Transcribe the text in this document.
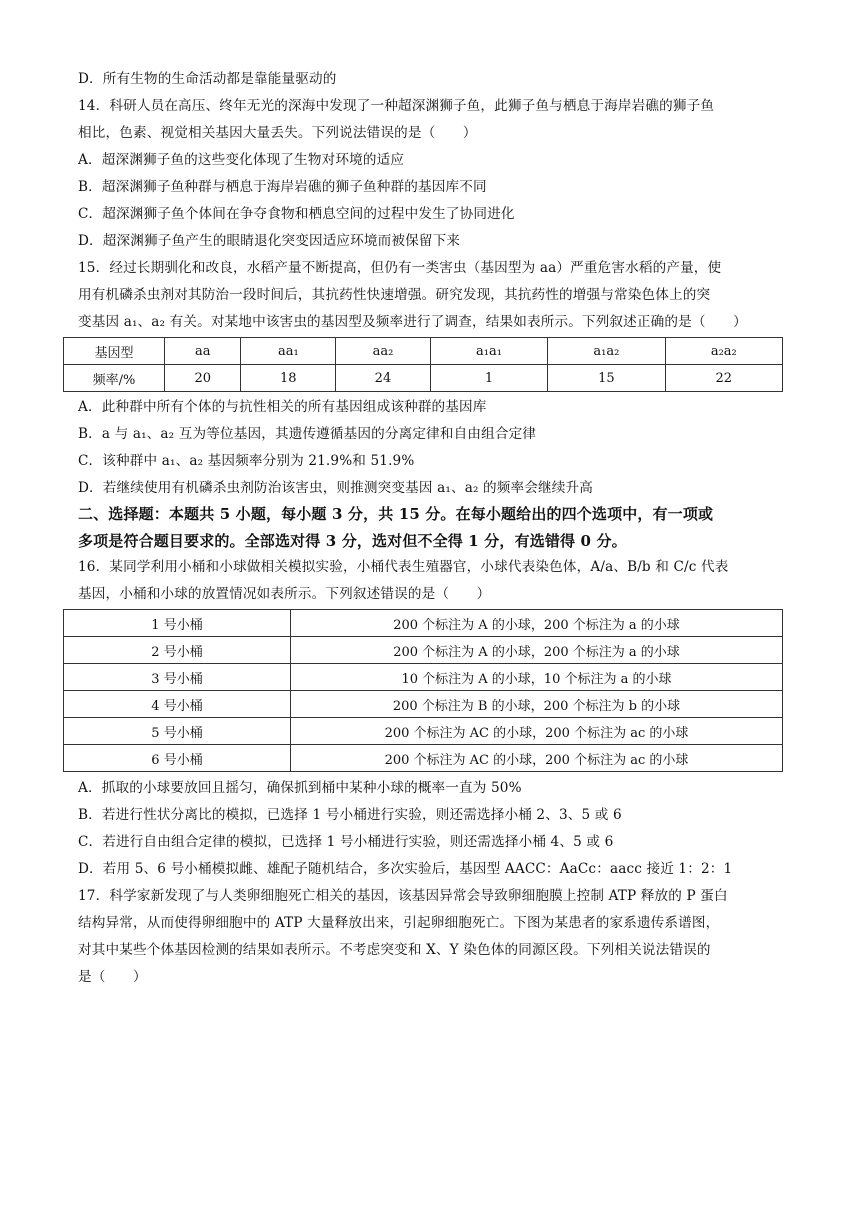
D．所有生物的生命活动都是靠能量驱动的
14．科研人员在高压、终年无光的深海中发现了一种超深渊狮子鱼，此狮子鱼与栖息于海岸岩礁的狮子鱼
相比，色素、视觉相关基因大量丢失。下列说法错误的是（　　）
A．超深渊狮子鱼的这些变化体现了生物对环境的适应
B．超深渊狮子鱼种群与栖息于海岸岩礁的狮子鱼种群的基因库不同
C．超深渊狮子鱼个体间在争夺食物和栖息空间的过程中发生了协同进化
D．超深渊狮子鱼产生的眼睛退化突变因适应环境而被保留下来
15．经过长期驯化和改良，水稻产量不断提高，但仍有一类害虫（基因型为 aa）严重危害水稻的产量，使
用有机磷杀虫剂对其防治一段时间后，其抗药性快速增强。研究发现，其抗药性的增强与常染色体上的突
变基因 a₁、a₂ 有关。对某地中该害虫的基因型及频率进行了调查，结果如表所示。下列叙述正确的是（　　）
基因型	aa	aa₁	aa₂	a₁a₁	a₁a₂	a₂a₂
频率/%	20	18	24	1	15	22
A．此种群中所有个体的与抗性相关的所有基因组成该种群的基因库
B．a 与 a₁、a₂ 互为等位基因，其遗传遵循基因的分离定律和自由组合定律
C．该种群中 a₁、a₂ 基因频率分别为 21.9%和 51.9%
D．若继续使用有机磷杀虫剂防治该害虫，则推测突变基因 a₁、a₂ 的频率会继续升高
二、选择题：本题共 5 小题，每小题 3 分，共 15 分。在每小题给出的四个选项中，有一项或
多项是符合题目要求的。全部选对得 3 分，选对但不全得 1 分，有选错得 0 分。
16．某同学利用小桶和小球做相关模拟实验，小桶代表生殖器官，小球代表染色体，A/a、B/b 和 C/c 代表
基因，小桶和小球的放置情况如表所示。下列叙述错误的是（　　）
1 号小桶	200 个标注为 A 的小球，200 个标注为 a 的小球
2 号小桶	200 个标注为 A 的小球，200 个标注为 a 的小球
3 号小桶	10 个标注为 A 的小球，10 个标注为 a 的小球
4 号小桶	200 个标注为 B 的小球，200 个标注为 b 的小球
5 号小桶	200 个标注为 AC 的小球，200 个标注为 ac 的小球
6 号小桶	200 个标注为 AC 的小球，200 个标注为 ac 的小球
A．抓取的小球要放回且摇匀，确保抓到桶中某种小球的概率一直为 50%
B．若进行性状分离比的模拟，已选择 1 号小桶进行实验，则还需选择小桶 2、3、5 或 6
C．若进行自由组合定律的模拟，已选择 1 号小桶进行实验，则还需选择小桶 4、5 或 6
D．若用 5、6 号小桶模拟雌、雄配子随机结合，多次实验后，基因型 AACC：AaCc：aacc 接近 1：2：1
17．科学家新发现了与人类卵细胞死亡相关的基因，该基因异常会导致卵细胞膜上控制 ATP 释放的 P 蛋白
结构异常，从而使得卵细胞中的 ATP 大量释放出来，引起卵细胞死亡。下图为某患者的家系遗传系谱图，
对其中某些个体基因检测的结果如表所示。不考虑突变和 X、Y 染色体的同源区段。下列相关说法错误的
是（　　）
